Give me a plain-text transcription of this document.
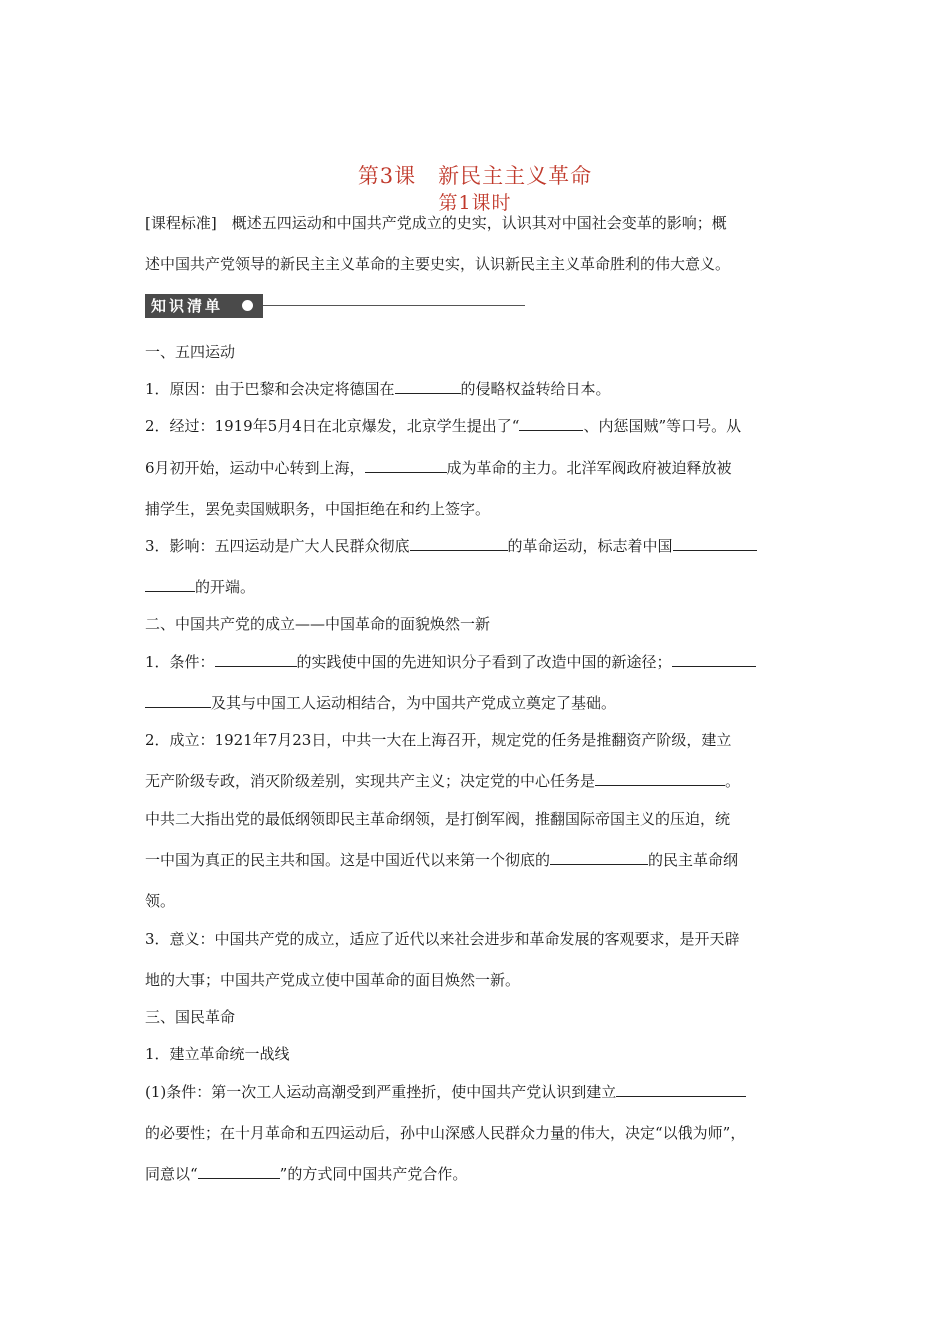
第3课　新民主主义革命
第1课时
[课程标准]　概述五四运动和中国共产党成立的史实，认识其对中国社会变革的影响；概
述中国共产党领导的新民主主义革命的主要史实，认识新民主主义革命胜利的伟大意义。
知识清单
一、五四运动
1．原因：由于巴黎和会决定将德国在	的侵略权益转给日本。
2．经过：1919年5月4日在北京爆发，北京学生提出了“	、内惩国贼”等口号。从
6月初开始，运动中心转到上海，	成为革命的主力。北洋军阀政府被迫释放被
捕学生，罢免卖国贼职务，中国拒绝在和约上签字。
3．影响：五四运动是广大人民群众彻底	的革命运动，标志着中国
的开端。
二、中国共产党的成立——中国革命的面貌焕然一新
1．条件：	的实践使中国的先进知识分子看到了改造中国的新途径；
及其与中国工人运动相结合，为中国共产党成立奠定了基础。
2．成立：1921年7月23日，中共一大在上海召开，规定党的任务是推翻资产阶级，建立
无产阶级专政，消灭阶级差别，实现共产主义；决定党的中心任务是	。
中共二大指出党的最低纲领即民主革命纲领，是打倒军阀，推翻国际帝国主义的压迫，统
一中国为真正的民主共和国。这是中国近代以来第一个彻底的	的民主革命纲
领。
3．意义：中国共产党的成立，适应了近代以来社会进步和革命发展的客观要求，是开天辟
地的大事；中国共产党成立使中国革命的面目焕然一新。
三、国民革命
1．建立革命统一战线
(1)条件：第一次工人运动高潮受到严重挫折，使中国共产党认识到建立
的必要性；在十月革命和五四运动后，孙中山深感人民群众力量的伟大，决定“以俄为师”，
同意以“	”的方式同中国共产党合作。
